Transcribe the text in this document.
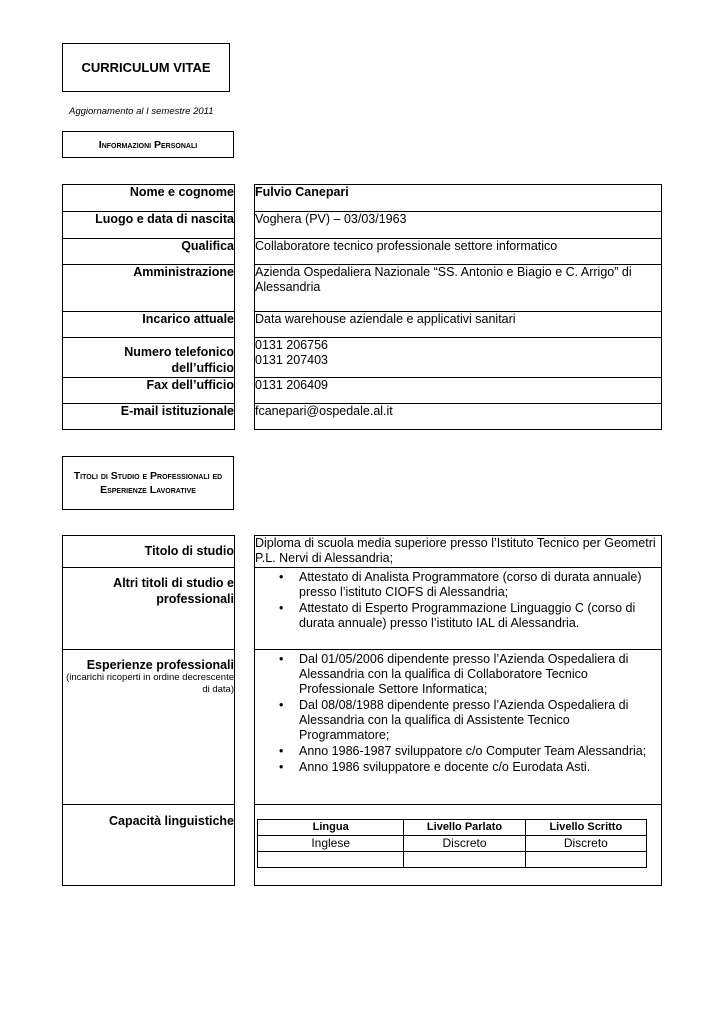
CURRICULUM VITAE
Aggiornamento al I semestre 2011
Informazioni Personali
Nome e cognome		Fulvio Canepari
Luogo e data di nascita		Voghera (PV) – 03/03/1963
Qualifica		Collaboratore tecnico professionale settore informatico
Amministrazione		Azienda Ospedaliera Nazionale “SS. Antonio e Biagio e C. Arrigo” di Alessandria
Incarico attuale		Data warehouse aziendale e applicativi sanitari
Numero telefonico dell’ufficio		0131 206756
0131 207403

Fax dell’ufficio		0131 206409
E-mail istituzionale		fcanepari@ospedale.al.it
Titoli di Studio e Professionali ed Esperienze Lavorative
Titolo di studio		Diploma di scuola media superiore presso l’Istituto Tecnico per Geometri P.L. Nervi di Alessandria;
Altri titoli di studio e professionali		
• Attestato di Analista Programmatore (corso di durata annuale) presso l’istituto CIOFS di Alessandria;
• Attestato di Esperto Programmazione Linguaggio C (corso di durata annuale) presso l’istituto IAL di Alessandria.

Esperienze professionali
(incarichi ricoperti in ordine decrescente di data)

• Dal 01/05/2006 dipendente presso l’Azienda Ospedaliera di Alessandria con la qualifica di Collaboratore Tecnico Professionale Settore Informatica;
• Dal 08/08/1988 dipendente presso l’Azienda Ospedaliera di Alessandria con la qualifica di Assistente Tecnico Programmatore;
• Anno 1986-1987 sviluppatore c/o Computer Team Alessandria;
• Anno 1986 sviluppatore e docente c/o Eurodata Asti.

Capacità linguistiche			Lingua	Livello Parlato	Livello Scritto
Inglese	Discreto	Discreto
